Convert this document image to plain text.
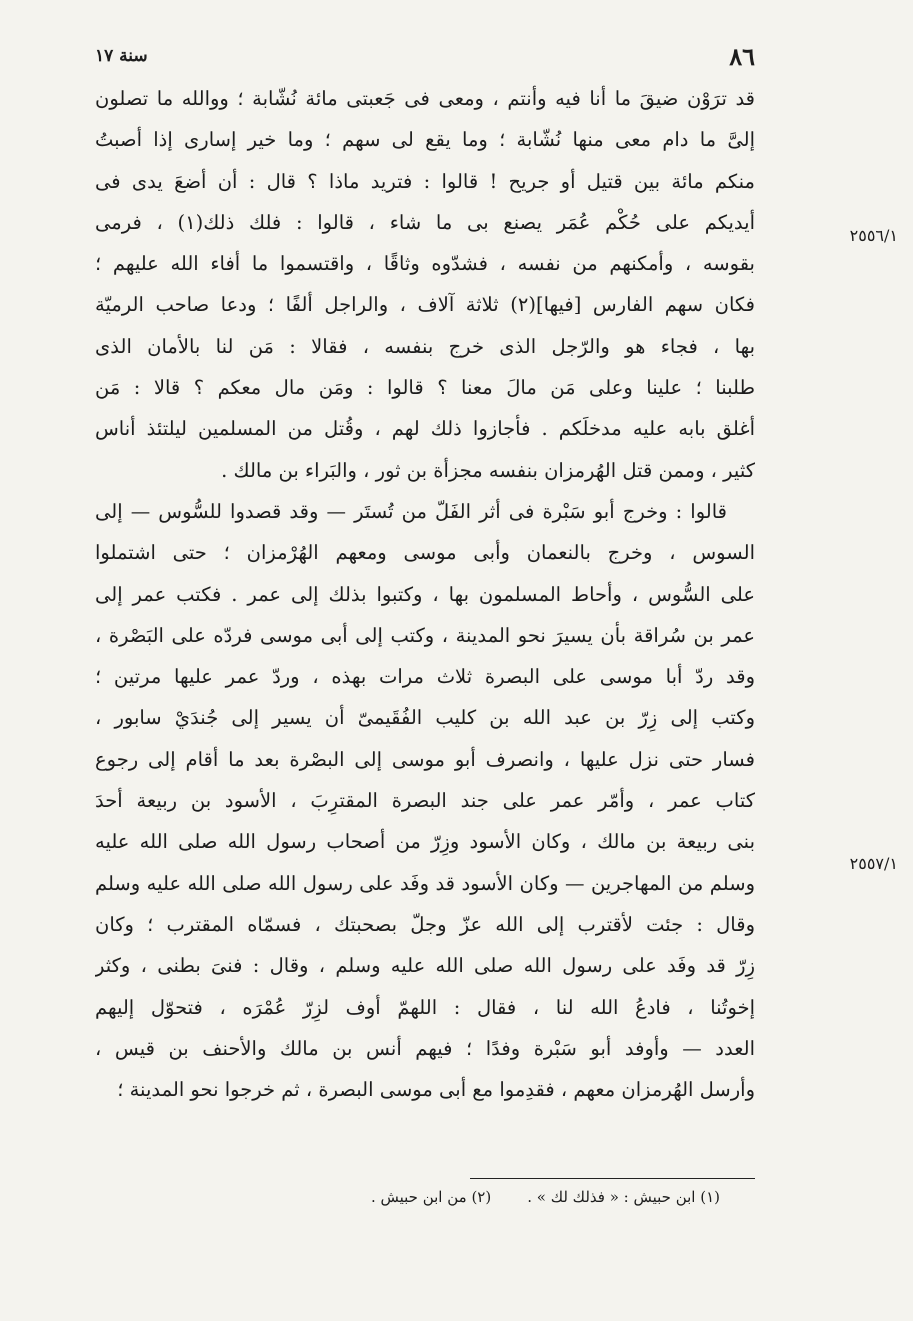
٨٦
سنة ١٧
قد ترَوْن ضيقَ ما أنا فيه وأنتم ، ومعى فى جَعبتى مائة نُشّابة ؛ ووالله ما تصلون
إلىَّ ما دام معى منها نُشّابة ؛ وما يقع لى سهم ؛ وما خير إسارى إذا أصبتُ
منكم مائة بين قتيل أو جريح ! قالوا : فتريد ماذا ؟ قال : أن أضعَ يدى فى
أيديكم على حُكْم عُمَر يصنع بى ما شاء ، قالوا : فلك ذلك(١) ، فرمى
بقوسه ، وأمكنهم من نفسه ، فشدّوه وثاقًا ، واقتسموا ما أفاء الله عليهم ؛
فكان سهم الفارس [فيها](٢) ثلاثة آلاف ، والراجل ألفًا ؛ ودعا صاحب الرميّة
بها ، فجاء هو والرّجل الذى خرج بنفسه ، فقالا : مَن لنا بالأمان الذى
طلبنا ؛ علينا وعلى مَن مالَ معنا ؟ قالوا : ومَن مال معكم ؟ قالا : مَن
أغلق بابه عليه مدخلَكم . فأجازوا ذلك لهم ، وقُتل من المسلمين ليلتئذ أناس
كثير ، وممن قتل الهُرمزان بنفسه مجزأة بن ثور ، والبَراء بن مالك .
قالوا : وخرج أبو سَبْرة فى أثر الفَلّ من تُستَر — وقد قصدوا للسُّوس — إلى
السوس ، وخرج بالنعمان وأبى موسى ومعهم الهُرْمزان ؛ حتى اشتملوا
على السُّوس ، وأحاط المسلمون بها ، وكتبوا بذلك إلى عمر . فكتب عمر إلى
عمر بن سُراقة بأن يسيرَ نحو المدينة ، وكتب إلى أبى موسى فردّه على البَصْرة ،
وقد ردّ أبا موسى على البصرة ثلاث مرات بهذه ، وردّ عمر عليها مرتين ؛
وكتب إلى زِرّ بن عبد الله بن كليب الفُقَيمىّ أن يسير إلى جُندَيْ سابور ،
فسار حتى نزل عليها ، وانصرف أبو موسى إلى البصْرة بعد ما أقام إلى رجوع
كتاب عمر ، وأمّر عمر على جند البصرة المقترِبَ ، الأسود بن ربيعة أحدَ
بنى ربيعة بن مالك ، وكان الأسود وزِرّ من أصحاب رسول الله صلى الله عليه
وسلم من المهاجرين — وكان الأسود قد وفَد على رسول الله صلى الله عليه وسلم
وقال : جئت لأقترب إلى الله عزّ وجلّ بصحبتك ، فسمّاه المقترب ؛ وكان
زِرّ قد وفَد على رسول الله صلى الله عليه وسلم ، وقال : فنىَ بطنى ، وكثر
إخوتُنا ، فادعُ الله لنا ، فقال : اللهمّ أوف لزِرّ عُمْرَه ، فتحوّل إليهم
العدد — وأوفد أبو سَبْرة وفدًا ؛ فيهم أنس بن مالك والأحنف بن قيس ،
وأرسل الهُرمزان معهم ، فقدِموا مع أبى موسى البصرة ، ثم خرجوا نحو المدينة ؛
٢٥٥٦/١
٢٥٥٧/١
(١) ابن حبيش : « فذلك لك » .
(٢) من ابن حبيش .
